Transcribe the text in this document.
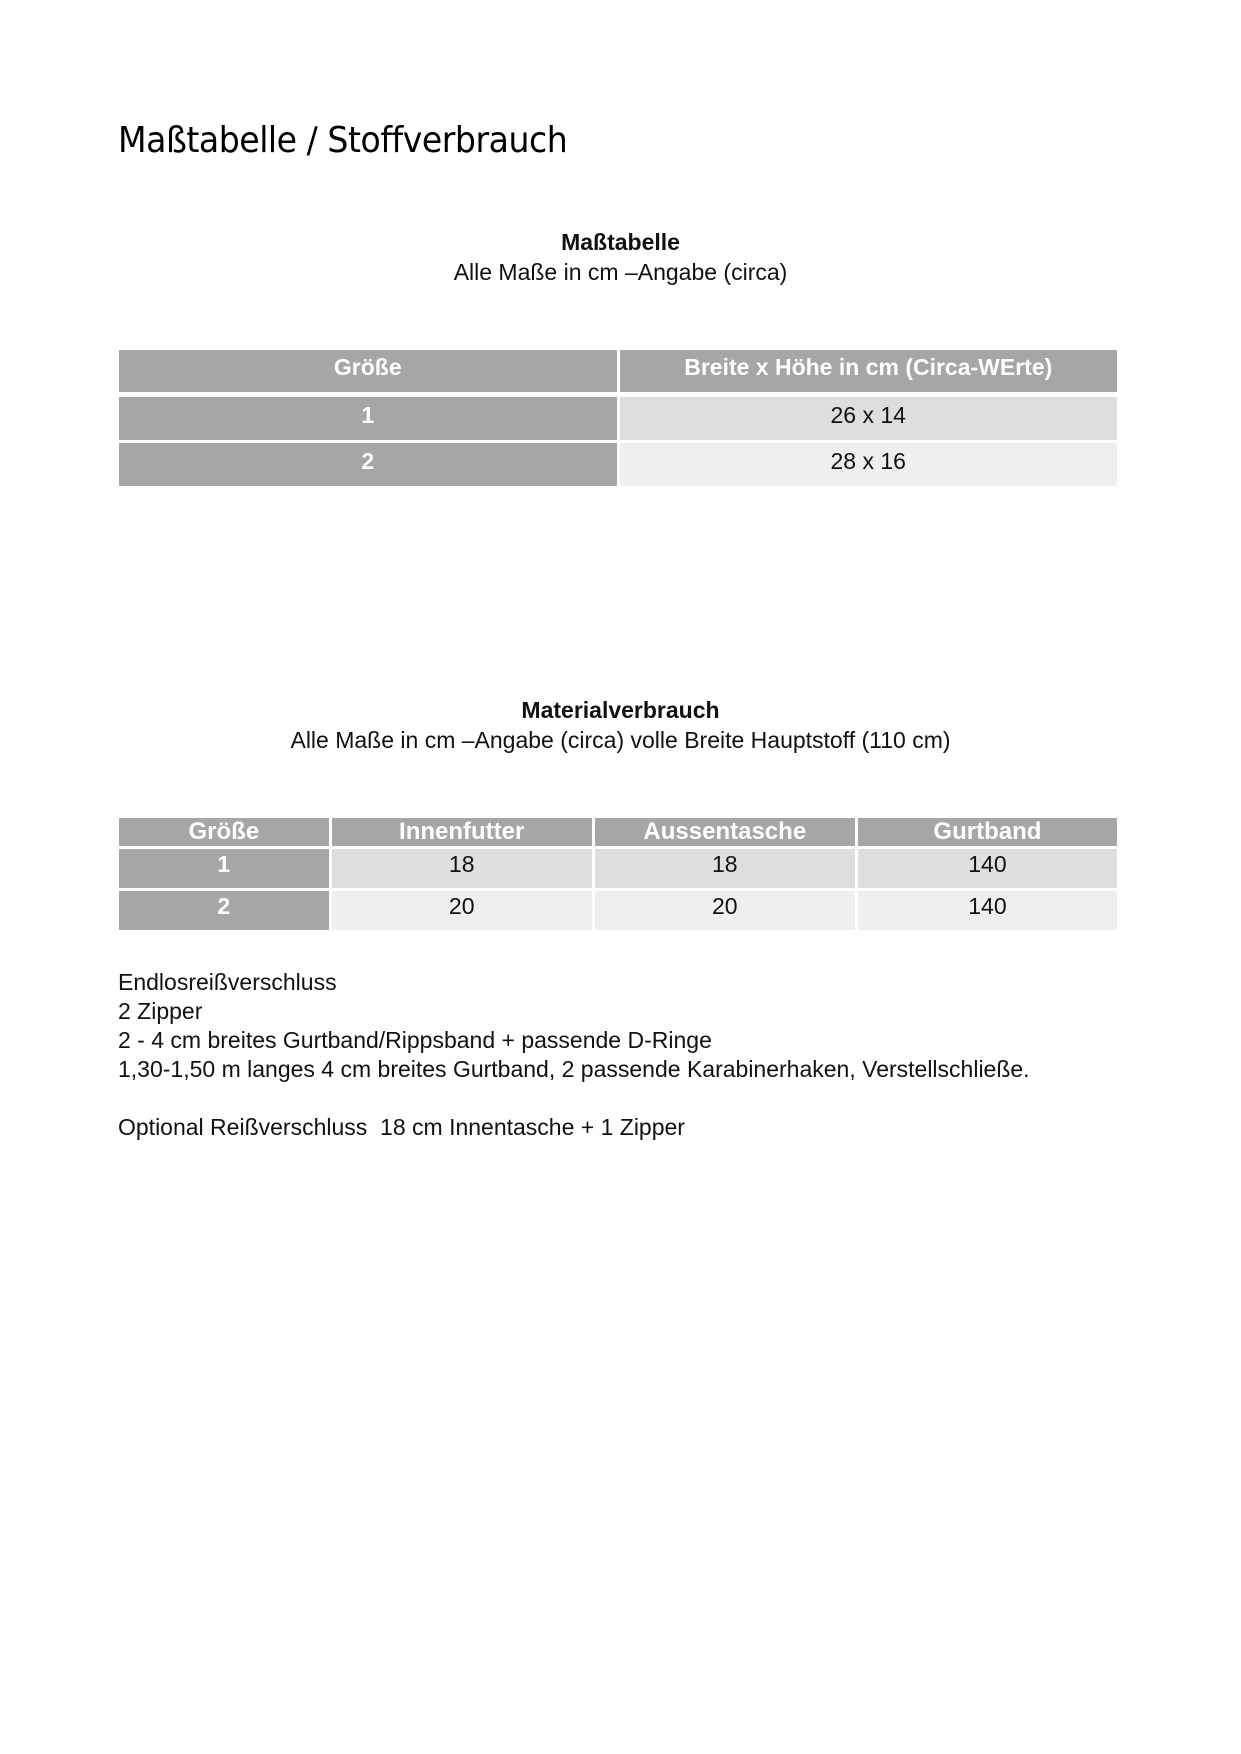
Maßtabelle / Stoffverbrauch
Maßtabelle
Alle Maße in cm –Angabe (circa)
Größe	Breite x Höhe in cm (Circa-WErte)
1	26 x 14
2	28 x 16
Materialverbrauch
Alle Maße in cm –Angabe (circa) volle Breite Hauptstoff (110 cm)
Größe	Innenfutter	Aussentasche	Gurtband
1	18	18	140
2	20	20	140
Endlosreißverschluss
2 Zipper
2 - 4 cm breites Gurtband/Rippsband + passende D-Ringe
1,30-1,50 m langes 4 cm breites Gurtband, 2 passende Karabinerhaken, Verstellschließe.
Optional Reißverschluss  18 cm Innentasche + 1 Zipper
